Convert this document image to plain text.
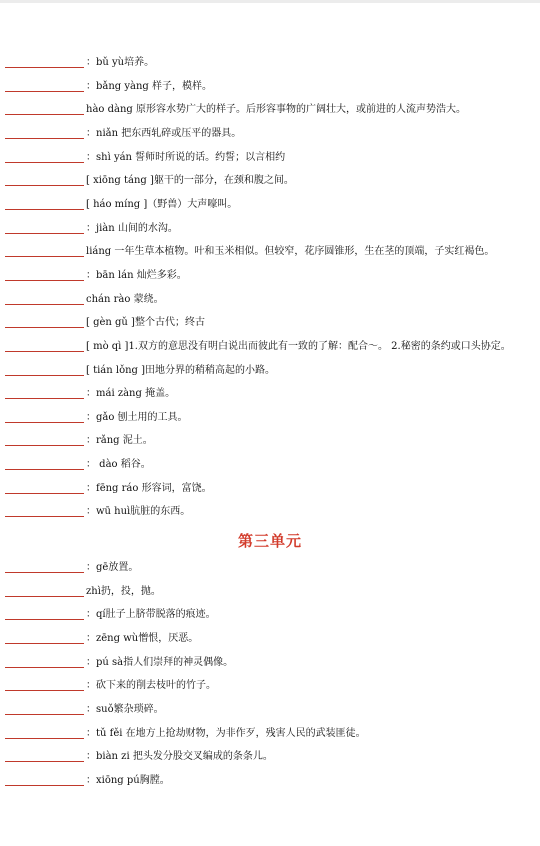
：bǔ yù培养。
：bǎng yàng 样子，模样。
hào dàng 原形容水势广大的样子。后形容事物的广阔壮大，或前进的人流声势浩大。
：niǎn 把东西轧碎或压平的器具。
：shì yán 誓师时所说的话。约誓；以言相约
[ xiōng táng ]躯干的一部分，在颈和腹之间。
[ háo míng ]（野兽）大声嚎叫。
：jiàn 山间的水沟。
liáng 一年生草本植物。叶和玉米相似。但较窄，花序圆锥形，生在茎的顶端，子实红褐色。
：bān lán 灿烂多彩。
chán rào 蒙绕。
[ gèn gǔ ]整个古代；终古
[ mò qì ]1.双方的意思没有明白说出而彼此有一致的了解：配合～。 2.秘密的条约或口头协定。
[ tián lǒng ]田地分界的稍稍高起的小路。
：mái zàng 掩盖。
：gǎo 刨土用的工具。
：rǎng 泥土。
： dào 稻谷。
：fēng ráo 形容词，富饶。
：wū huì肮脏的东西。
第三单元
：gē放置。
zhì扔，投，抛。
：qí肚子上脐带脱落的痕迹。
：zēng wù憎恨，厌恶。
：pú sà指人们崇拜的神灵偶像。
：砍下来的削去枝叶的竹子。
：suǒ繁杂琐碎。
：tǔ fěi 在地方上抢劫财物，为非作歹，残害人民的武装匪徒。
：biàn zi 把头发分股交叉编成的条条儿。
：xiōng pú胸膛。
